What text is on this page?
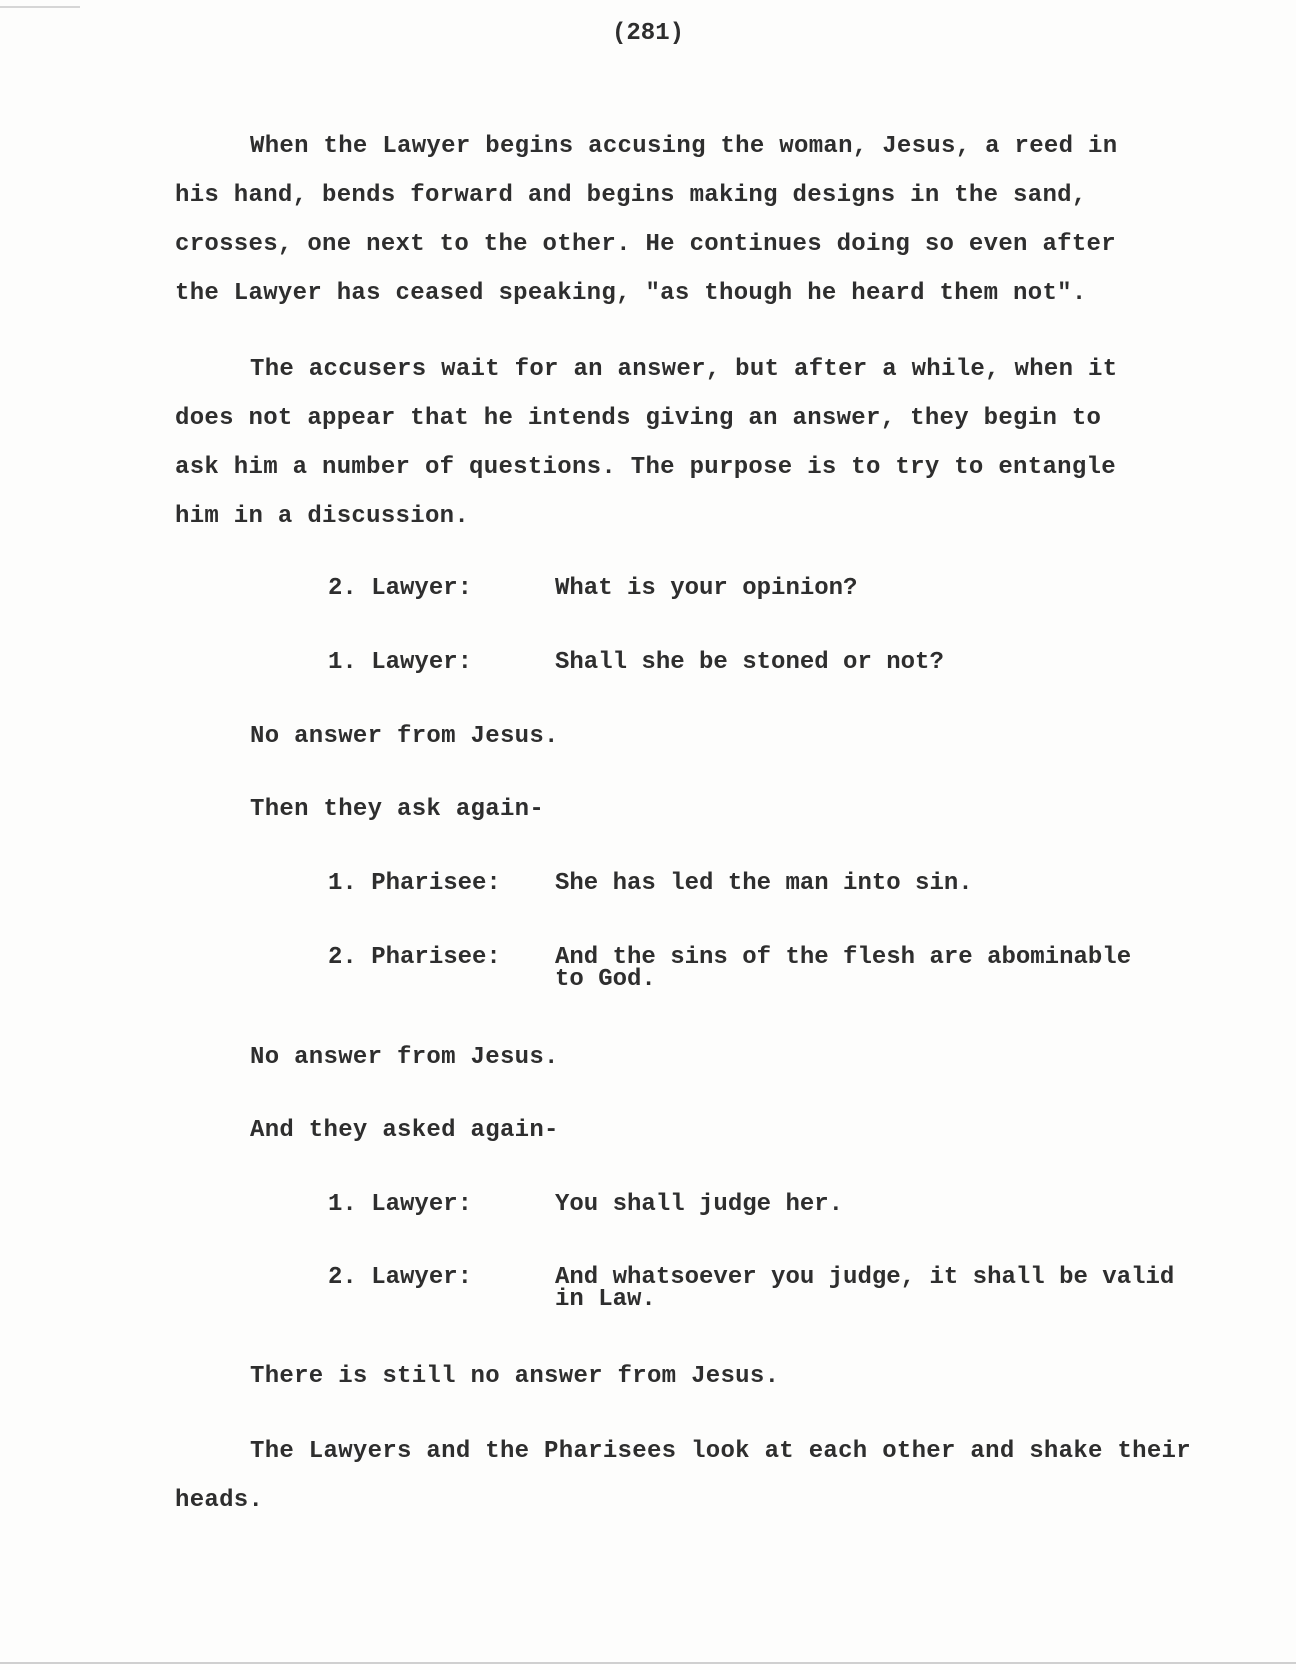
(281)
When the Lawyer begins accusing the woman, Jesus, a reed in
his hand, bends forward and begins making designs in the sand,
crosses, one next to the other. He continues doing so even after
the Lawyer has ceased speaking, "as though he heard them not".
The accusers wait for an answer, but after a while, when it
does not appear that he intends giving an answer, they begin to
ask him a number of questions. The purpose is to try to entangle
him in a discussion.
2. Lawyer:	What is your opinion?
1. Lawyer:	Shall she be stoned or not?
No answer from Jesus.
Then they ask again-
1. Pharisee: She has led the man into sin.
2. Pharisee: And the sins of the flesh are abominable
to God.
No answer from Jesus.
And they asked again-
1. Lawyer:	You shall judge her.
2. Lawyer:	And whatsoever you judge, it shall be valid
in Law.
There is still no answer from Jesus.
The Lawyers and the Pharisees look at each other and shake their
heads.
